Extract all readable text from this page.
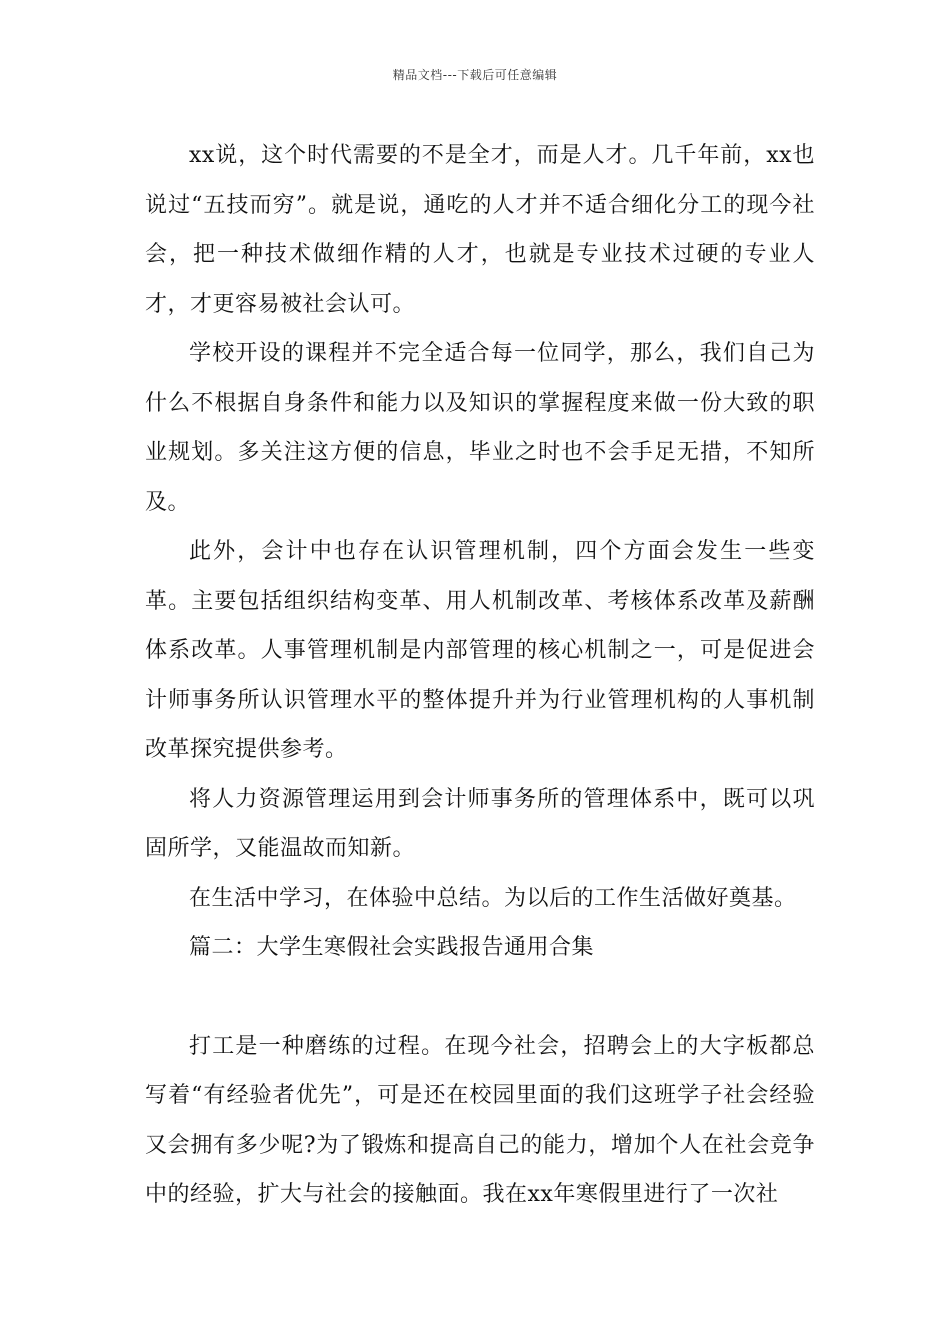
精品文档---下载后可任意编辑

xx说，这个时代需要的不是全才，而是人才。几千年前，xx也说过“五技而穷”。就是说，通吃的人才并不适合细化分工的现今社会，把一种技术做细作精的人才，也就是专业技术过硬的专业人才，才更容易被社会认可。

学校开设的课程并不完全适合每一位同学，那么，我们自己为什么不根据自身条件和能力以及知识的掌握程度来做一份大致的职业规划。多关注这方便的信息，毕业之时也不会手足无措，不知所及。

此外，会计中也存在认识管理机制，四个方面会发生一些变革。主要包括组织结构变革、用人机制改革、考核体系改革及薪酬体系改革。人事管理机制是内部管理的核心机制之一，可是促进会计师事务所认识管理水平的整体提升并为行业管理机构的人事机制改革探究提供参考。

将人力资源管理运用到会计师事务所的管理体系中，既可以巩固所学，又能温故而知新。

在生活中学习，在体验中总结。为以后的工作生活做好奠基。

篇二：大学生寒假社会实践报告通用合集

打工是一种磨练的过程。在现今社会，招聘会上的大字板都总写着“有经验者优先”，可是还在校园里面的我们这班学子社会经验又会拥有多少呢?为了锻炼和提高自己的能力，增加个人在社会竞争中的经验，扩大与社会的接触面。我在xx年寒假里进行了一次社
